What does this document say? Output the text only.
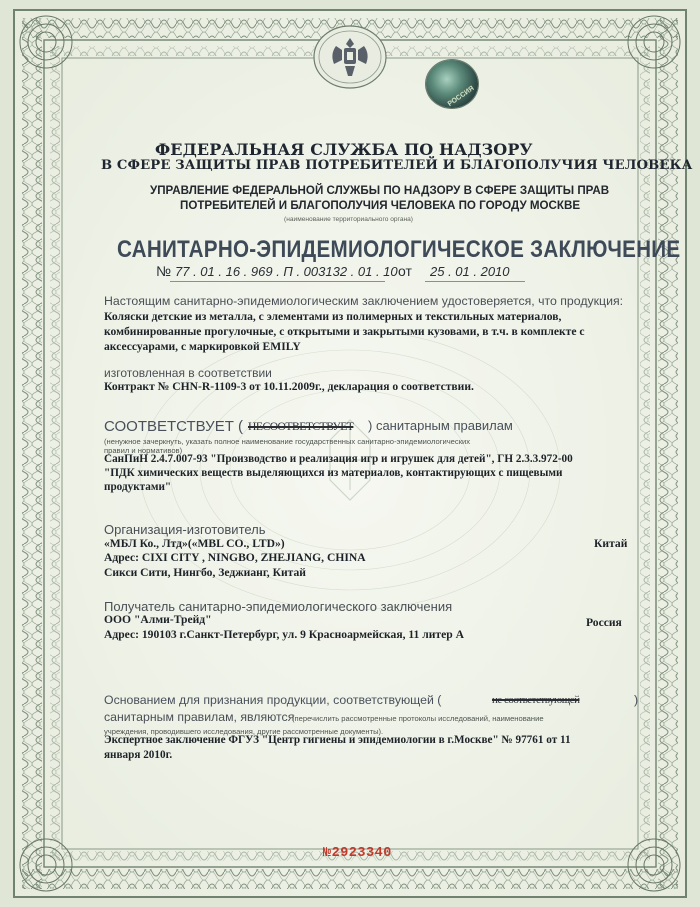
РОССИЯ
ФЕДЕРАЛЬНАЯ СЛУЖБА ПО НАДЗОРУ
В СФЕРЕ ЗАЩИТЫ ПРАВ ПОТРЕБИТЕЛЕЙ И БЛАГОПОЛУЧИЯ ЧЕЛОВЕКА
УПРАВЛЕНИЕ ФЕДЕРАЛЬНОЙ СЛУЖБЫ ПО НАДЗОРУ В СФЕРЕ ЗАЩИТЫ ПРАВ
ПОТРЕБИТЕЛЕЙ И БЛАГОПОЛУЧИЯ ЧЕЛОВЕКА ПО ГОРОДУ МОСКВЕ
(наименование территориального органа)
САНИТАРНО-ЭПИДЕМИОЛОГИЧЕСКОЕ ЗАКЛЮЧЕНИЕ
№ 77 . 01 . 16 . 969 . П . 003132 . 01 . 10 от 25 . 01 . 2010
Настоящим санитарно-эпидемиологическим заключением удостоверяется, что продукция:
Коляски детские из металла, с элементами из полимерных и текстильных материалов,
комбинированные прогулочные, с открытыми и закрытыми кузовами, в т.ч. в комплекте с
аксессуарами, с маркировкой EMILY
изготовленная в соответствии
Контракт № CHN-R-1109-3 от 10.11.2009г., декларация о соответствии.
СООТВЕТСТВУЕТ ( НЕСООТВЕТСТВУЕТ ) санитарным правилам
(ненужное зачеркнуть, указать полное наименование государственных санитарно-эпидемиологических
правил и нормативов)
СанПиН 2.4.7.007-93 "Производство и реализация игр и игрушек для детей", ГН 2.3.3.972-00
"ПДК химических веществ выделяющихся из материалов, контактирующих с пищевыми
продуктами"
Организация-изготовитель
«МБЛ Ко., Лтд»(«MBL CO., LTD»)	Китай
Адрес: CIXI CITY , NINGBO, ZHEJIANG, CHINA
Сикси Сити, Нингбо, Зеджианг, Китай
Получатель санитарно-эпидемиологического заключения
ООО "Алми-Трейд"	Россия
Адрес: 190103 г.Санкт-Петербург, ул. 9 Красноармейская, 11 литер А
Основанием для признания продукции, соответствующей (	не соответствующей	)
санитарным правилам, являются
(перечислить рассмотренные протоколы исследований, наименование
учреждения, проводившего исследования, другие рассмотренные документы).
Экспертное заключение ФГУЗ "Центр гигиены и эпидемиологии в г.Москве" № 97761 от 11
января 2010г.
№2923340
